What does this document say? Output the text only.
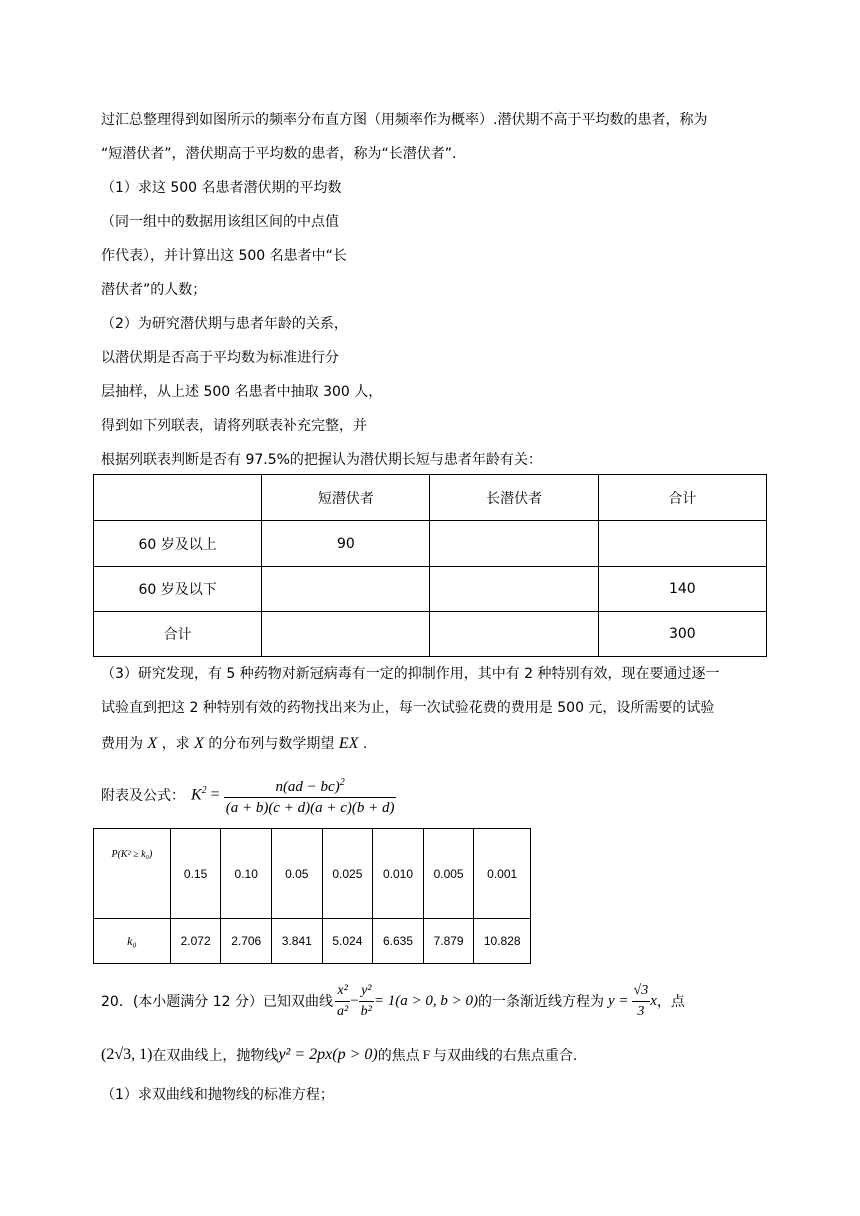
过汇总整理得到如图所示的频率分布直方图（用频率作为概率）.潜伏期不高于平均数的患者，称为
“短潜伏者”，潜伏期高于平均数的患者，称为“长潜伏者”.
（1）求这 500 名患者潜伏期的平均数
（同一组中的数据用该组区间的中点值
作代表），并计算出这 500 名患者中“长
潜伏者”的人数；
（2）为研究潜伏期与患者年龄的关系，
以潜伏期是否高于平均数为标准进行分
层抽样，从上述 500 名患者中抽取 300 人，
得到如下列联表，请将列联表补充完整，并
根据列联表判断是否有 97.5%的把握认为潜伏期长短与患者年龄有关：
	短潜伏者	长潜伏者	合计
60 岁及以上	90		
60 岁及以下			140
合计			300
（3）研究发现，有 5 种药物对新冠病毒有一定的抑制作用，其中有 2 种特别有效，现在要通过逐一
试验直到把这 2 种特别有效的药物找出来为止，每一次试验花费的费用是 500 元，设所需要的试验
费用为 X ，求 X 的分布列与数学期望 EX .
附表及公式： $K^2 = \frac{n(ad - bc)^2}{(a + b)(c + d)(a + c)(b + d)}$
P(K² ≥ k₀)	0.15	0.10	0.05	0.025	0.010	0.005	0.001
k₀	2.072	2.706	3.841	5.024	6.635	7.879	10.828
20．(本小题满分 12 分）已知双曲线 $\frac{\text{x²}}{\text{a²}} - \frac{\text{y²}}{\text{b²}} = 1(a > 0$, b > 0) 的一条渐近线方程为 $y = \frac{√3}{3}$ x ，点
(2√3, 1) 在双曲线上，抛物线 y² = 2px(p > 0) 的焦点 F 与双曲线的右焦点重合.
（1）求双曲线和抛物线的标准方程；
